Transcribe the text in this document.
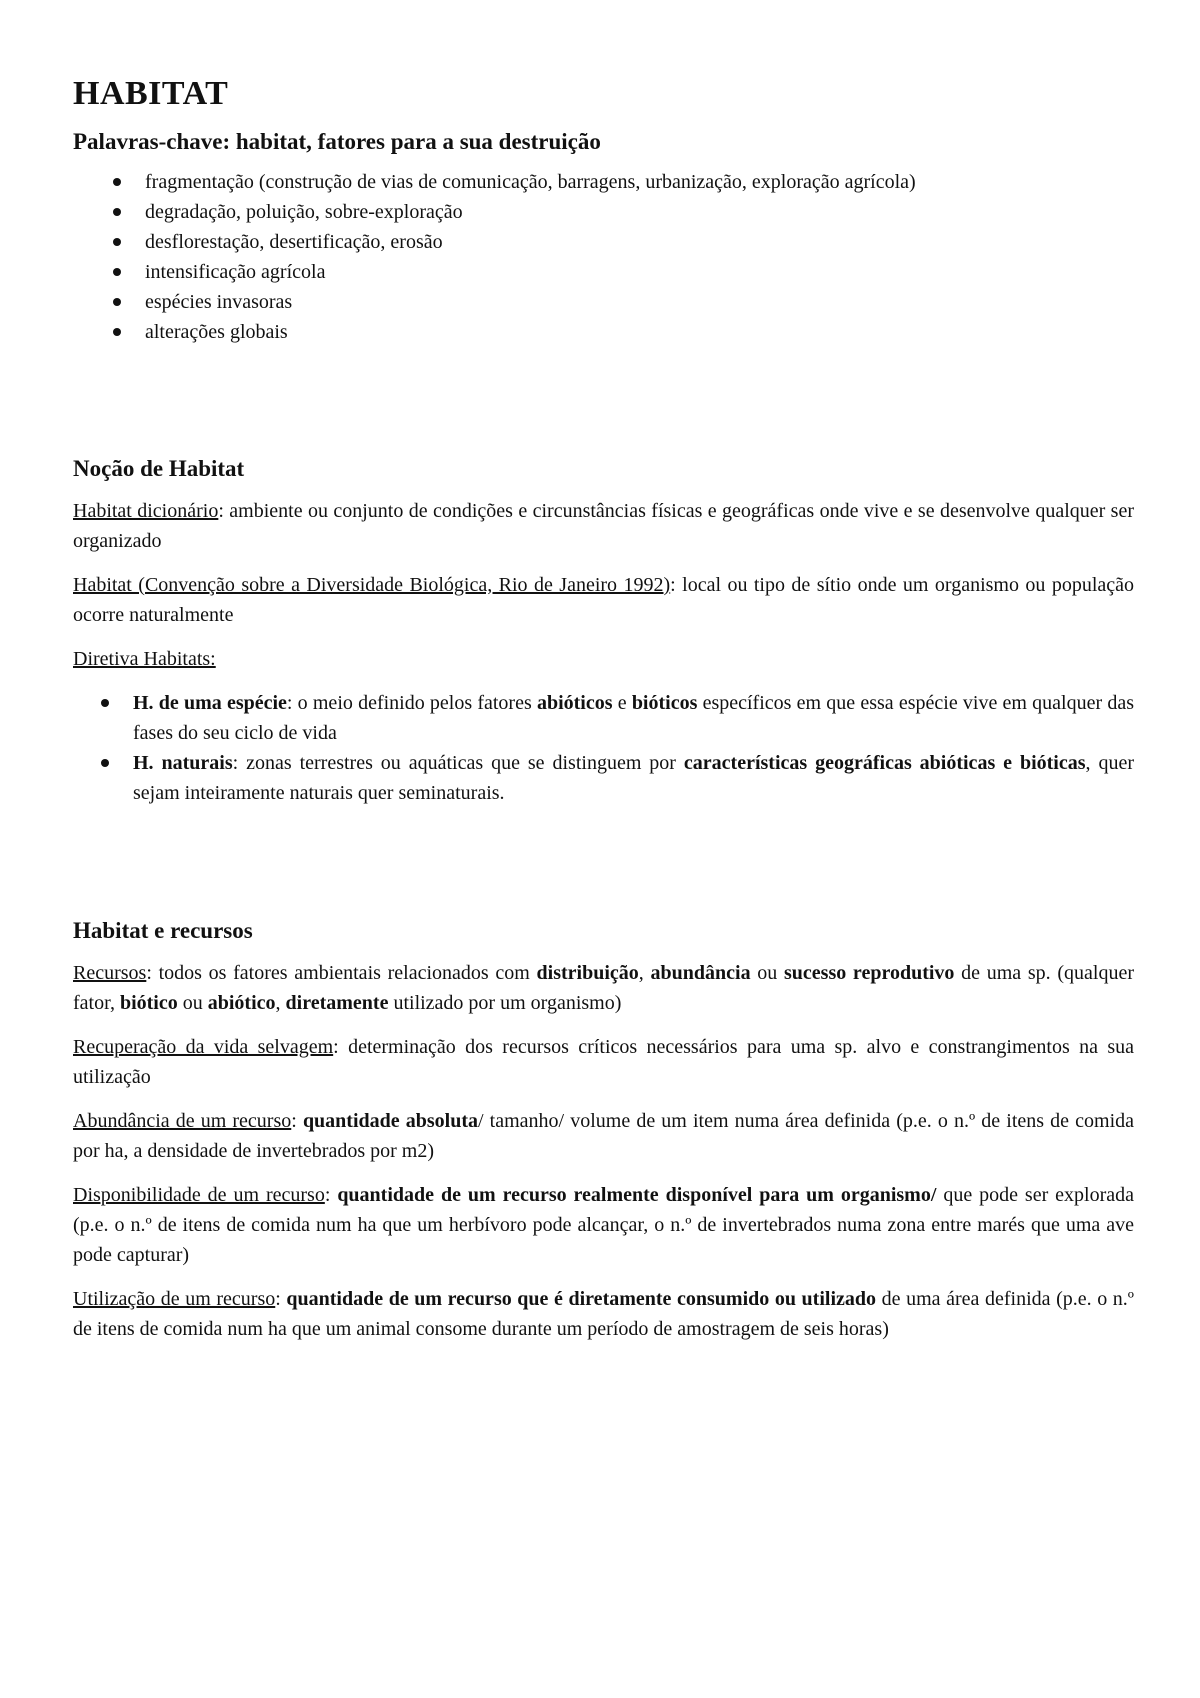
HABITAT
Palavras-chave: habitat, fatores para a sua destruição
fragmentação (construção de vias de comunicação, barragens, urbanização, exploração agrícola)
degradação, poluição, sobre-exploração
desflorestação, desertificação, erosão
intensificação agrícola
espécies invasoras
alterações globais
Noção de Habitat

Habitat dicionário: ambiente ou conjunto de condições e circunstâncias físicas e geográficas onde vive e se desenvolve qualquer ser organizado

Habitat (Convenção sobre a Diversidade Biológica, Rio de Janeiro 1992): local ou tipo de sítio onde um organismo ou população ocorre naturalmente

Diretiva Habitats:

H. de uma espécie: o meio definido pelos fatores abióticos e bióticos específicos em que essa espécie vive em qualquer das fases do seu ciclo de vida
H. naturais: zonas terrestres ou aquáticas que se distinguem por características geográficas abióticas e bióticas, quer sejam inteiramente naturais quer seminaturais.
Habitat e recursos

Recursos: todos os fatores ambientais relacionados com distribuição, abundância ou sucesso reprodutivo de uma sp. (qualquer fator, biótico ou abiótico, diretamente utilizado por um organismo)

Recuperação da vida selvagem: determinação dos recursos críticos necessários para uma sp. alvo e constrangimentos na sua utilização

Abundância de um recurso: quantidade absoluta/ tamanho/ volume de um item numa área definida (p.e. o n.º de itens de comida por ha, a densidade de invertebrados por m2)

Disponibilidade de um recurso: quantidade de um recurso realmente disponível para um organismo/ que pode ser explorada (p.e. o n.º de itens de comida num ha que um herbívoro pode alcançar, o n.º de invertebrados numa zona entre marés que uma ave pode capturar)

Utilização de um recurso: quantidade de um recurso que é diretamente consumido ou utilizado de uma área definida (p.e. o n.º de itens de comida num ha que um animal consome durante um período de amostragem de seis horas)
